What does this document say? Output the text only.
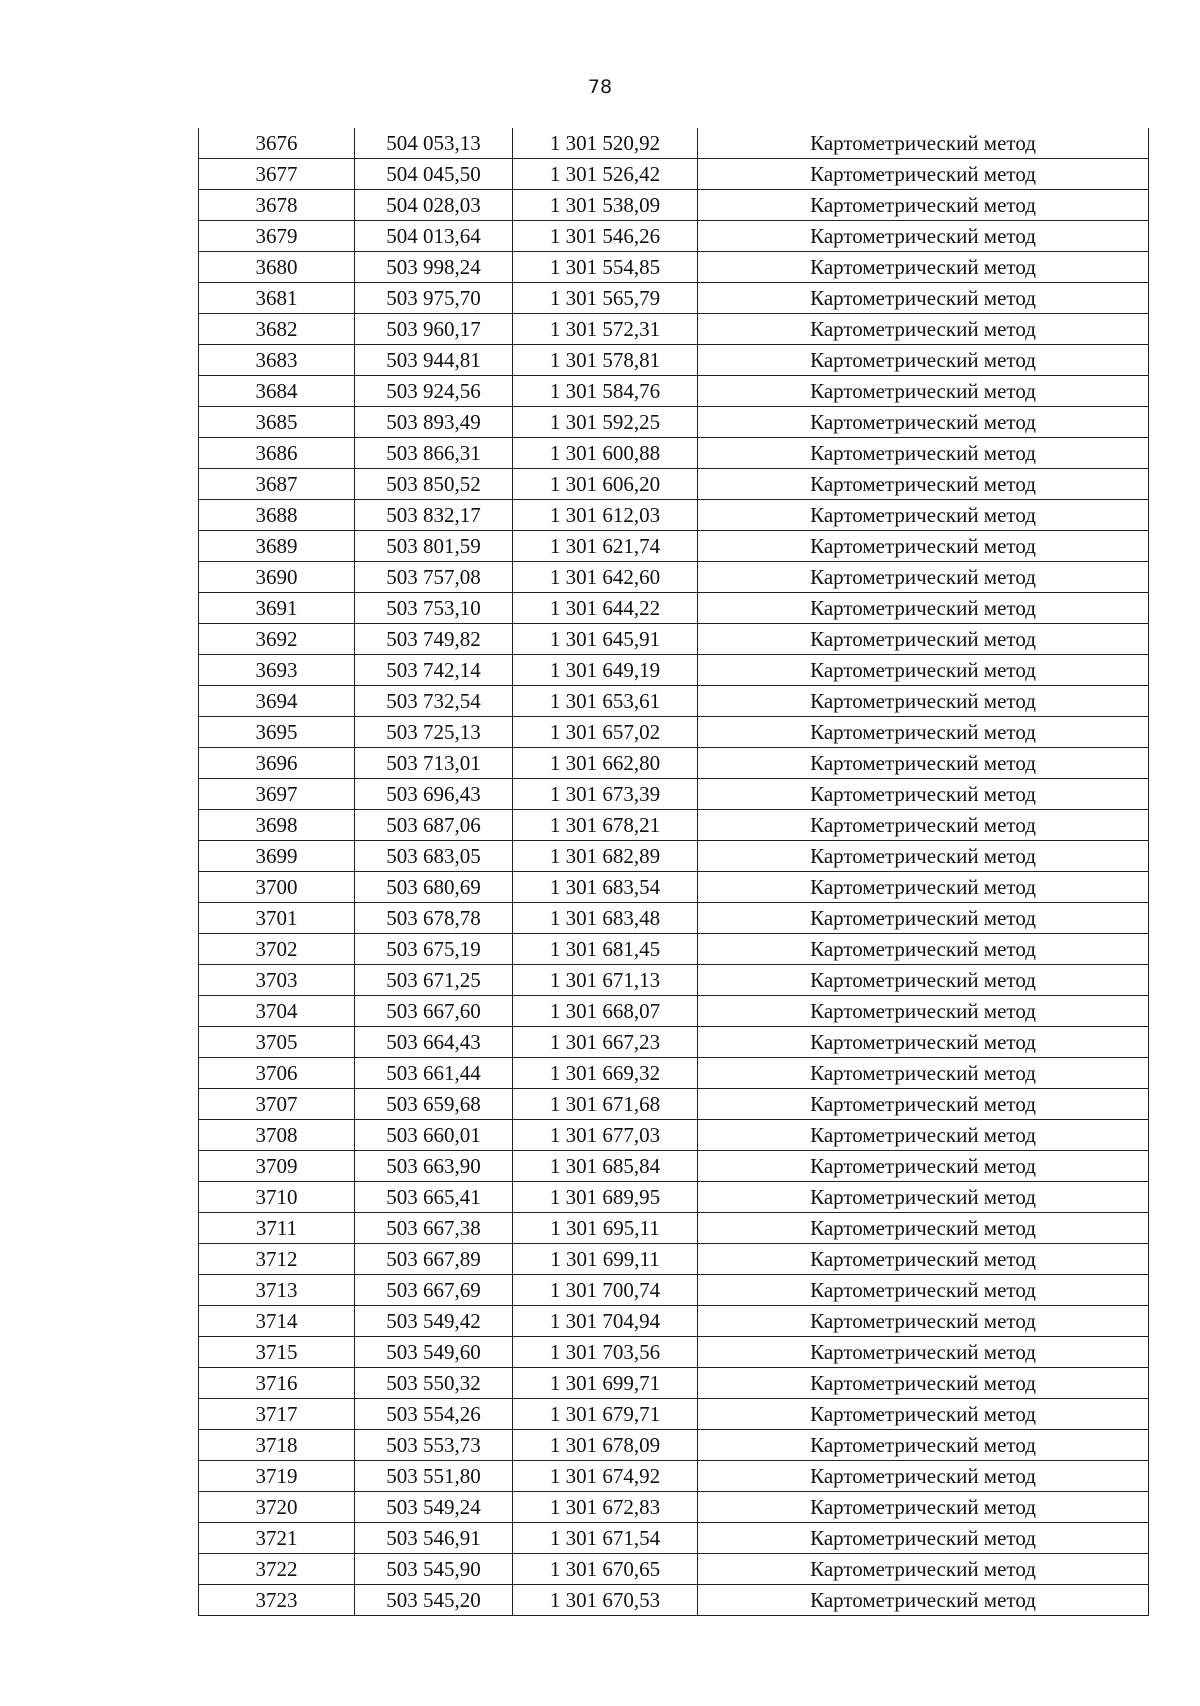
78
3676	504 053,13	1 301 520,92	Картометрический метод
3677	504 045,50	1 301 526,42	Картометрический метод
3678	504 028,03	1 301 538,09	Картометрический метод
3679	504 013,64	1 301 546,26	Картометрический метод
3680	503 998,24	1 301 554,85	Картометрический метод
3681	503 975,70	1 301 565,79	Картометрический метод
3682	503 960,17	1 301 572,31	Картометрический метод
3683	503 944,81	1 301 578,81	Картометрический метод
3684	503 924,56	1 301 584,76	Картометрический метод
3685	503 893,49	1 301 592,25	Картометрический метод
3686	503 866,31	1 301 600,88	Картометрический метод
3687	503 850,52	1 301 606,20	Картометрический метод
3688	503 832,17	1 301 612,03	Картометрический метод
3689	503 801,59	1 301 621,74	Картометрический метод
3690	503 757,08	1 301 642,60	Картометрический метод
3691	503 753,10	1 301 644,22	Картометрический метод
3692	503 749,82	1 301 645,91	Картометрический метод
3693	503 742,14	1 301 649,19	Картометрический метод
3694	503 732,54	1 301 653,61	Картометрический метод
3695	503 725,13	1 301 657,02	Картометрический метод
3696	503 713,01	1 301 662,80	Картометрический метод
3697	503 696,43	1 301 673,39	Картометрический метод
3698	503 687,06	1 301 678,21	Картометрический метод
3699	503 683,05	1 301 682,89	Картометрический метод
3700	503 680,69	1 301 683,54	Картометрический метод
3701	503 678,78	1 301 683,48	Картометрический метод
3702	503 675,19	1 301 681,45	Картометрический метод
3703	503 671,25	1 301 671,13	Картометрический метод
3704	503 667,60	1 301 668,07	Картометрический метод
3705	503 664,43	1 301 667,23	Картометрический метод
3706	503 661,44	1 301 669,32	Картометрический метод
3707	503 659,68	1 301 671,68	Картометрический метод
3708	503 660,01	1 301 677,03	Картометрический метод
3709	503 663,90	1 301 685,84	Картометрический метод
3710	503 665,41	1 301 689,95	Картометрический метод
3711	503 667,38	1 301 695,11	Картометрический метод
3712	503 667,89	1 301 699,11	Картометрический метод
3713	503 667,69	1 301 700,74	Картометрический метод
3714	503 549,42	1 301 704,94	Картометрический метод
3715	503 549,60	1 301 703,56	Картометрический метод
3716	503 550,32	1 301 699,71	Картометрический метод
3717	503 554,26	1 301 679,71	Картометрический метод
3718	503 553,73	1 301 678,09	Картометрический метод
3719	503 551,80	1 301 674,92	Картометрический метод
3720	503 549,24	1 301 672,83	Картометрический метод
3721	503 546,91	1 301 671,54	Картометрический метод
3722	503 545,90	1 301 670,65	Картометрический метод
3723	503 545,20	1 301 670,53	Картометрический метод
